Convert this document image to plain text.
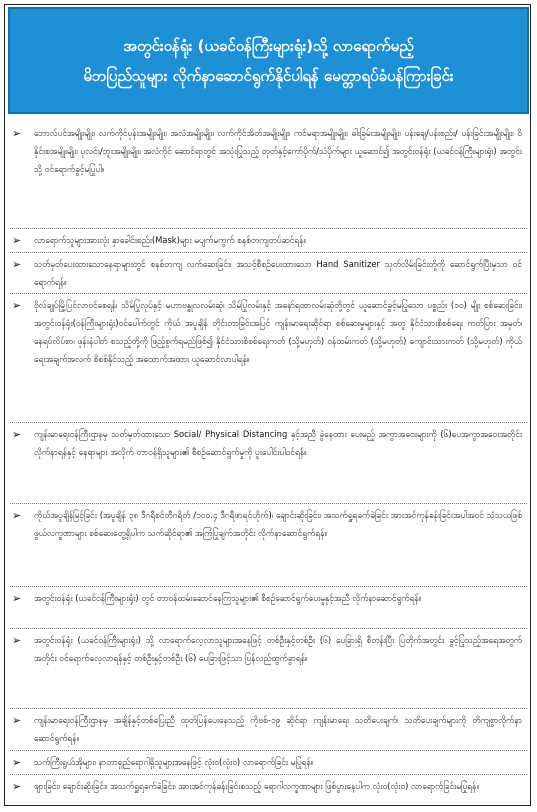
အတွင်းဝန်ရုံး (ယခင်ဝန်ကြီးများရုံး)သို့ လာရောက်မည့်
မိဘပြည်သူများ လိုက်နာဆောင်ရွက်နိုင်ပါရန် မေတ္တာရပ်ခံပန်ကြားခြင်း
➢	ဘောလ်ပင်အမျိုးမျိုး၊ လက်ကိုင်ပုန်းအမျိုးမျိုး၊ အလံအမျိုးမျိုး၊ လက်ကိုင်အိတ်အမျိုးမျိုး၊ ကင်မရာအမျိုးမျိုး၊ ဓါးခြမ်းအမျိုးမျိုး၊ ပန်းချေ/ပန်းစည်း/ ပန်းခြင်းအမျိုးမျိုး၊ ဝိနိုင်းစအမျိုးမျိုး၊ ပုလင်း/ဘူးအမျိုးမျိုး၊ အလံကိုင် ဆောင်ရာတွင် အသုံးပြုသည့် တုတ်နှင့်ကော်ပိုက်/သံပိုက်များ ယူဆောင်၍ အတွင်းဝန်ရုံး (ယခင်ဝန်ကြီးများရုံး) အတွင်းသို့ ဝင်ရောက်ခွင့်မပြုပါ။
➢	လာရောက်သူများအားလုံး နှာခေါင်းစည်း(Mask)များ မပျက်မကွက် စနစ်တကျတပ်ဆင်ရန်။
➢	သတ်မှတ်ပေးထားသောနေရာများတွင် စနစ်တကျ လက်ဆေးခြင်း၊ အသင့်စီစဉ်ပေးထားသော Hand Sanitizer သုတ်လိမ်းခြင်းတို့ကို ဆောင်ရွက်ပြီးမှသာ ဝင်ရောက်ရန်။
➢	ဗိုလ်ချုပ်မြို့ပြင်လာဝင်စေရန်၊ သိမ်ပြုလုပ်နှင့် မဟာဗန္ဓုလလမ်းဆုံ၊ သိမ်ပြုလမ်းနှင့် အနော်ရထာလမ်းဆုံတို့တွင် ယူဆောင်ခွင့်မပြုသော ပစ္စည်း (၁၀) မျိုး စစ်ဆေးခြင်း၊ အတွင်းဝန်ရုံး(ဝန်ကြီးများရုံး)ဝင်ပေါက်တွင် ကိုယ် အပူချိန် တိုင်းတာခြင်းအပြင် ကျန်းမာရေးဆိုင်ရာ စစ်ဆေးမှုများနှင့် အတူ နိုင်ငံသားစိစစ်ရေး ကတ်ပြား အမှတ်၊ နေရပ်လိပ်စာ၊ ဖုန်းနံပါတ် စသည့်တို့ကို ဖြည့်စွက်ရမည်ဖြစ်၍ နိုင်ငံသားစိစစ်ရေးကတ် (သို့မဟုတ်) ဝန်ထမ်းကတ် (သို့မဟုတ်) ကျောင်းသားကတ် (သို့မဟုတ်) ကိုယ်ရေးအချက်အလက် စိစစ်နိုင်သည့် အထောက်အထား ယူဆောင်လာပါရန်။
➢	ကျန်းမာရေးဝန်ကြီးဌာနမှ သတ်မှတ်ထားသော Social/ Physical Distancing နှင့်အညီ ခွဲနေထား ပေးမည့် အကွာအဝေးများကို (၆)ပေအကွာအဝေးအတိုင်း လိုက်နာရန်နှင့် နေရာများ အလိုက် တာဝန်ရှိသူများ၏ စီစဉ်ဆောင်ရွက်မှုကို ပူးပေါင်းပါဝင်ရန်။
➢	ကိုယ်အပူချိန်မြင့်ခြင်း (အပူချိန် ၃၈ ဒီဂရီစင်တီဂရိတ် /၁၀၀.၄ ဒီဂရီဖာရင်ဟိုက်)၊ ချောင်းဆိုးခြင်း၊ အသက်ရှူရခက်ခဲခြင်း အားအင်ကုန်ခန်းခြင်းအပါအဝင် သံသယဖြစ်ဖွယ်လက္ခဏာများ စစ်ဆေးတွေ့ရှိပါက သက်ဆိုင်ရာ၏ အကြံပြုချက်အတိုင်း လိုက်နာဆောင်ရွက်ရန်။
➢	အတွင်းဝန်ရုံး (ယခင်ဝန်ကြီးများရုံး) တွင် တာဝန်ထမ်းဆောင်နေကြသူများ၏ စီစဉ်ဆောင်ရွက်ပေးမှုနှင့်အညီ လိုက်နာဆောင်ရွက်ရန်။
➢	အတွင်းဝန်ရုံး (ယခင်ဝန်ကြီးများရုံး) သို့ လာရောက်လေ့လာသူများအနေဖြင့် တစ်ဦးနှင့်တစ်ဦး (၆) ပေခြားရှိ စီတန်းပြီး ပြတိုက်အတွင်း ခွင့်ပြုသည့်အရေအတွက်အတိုင်း ဝင်ရောက်လေ့လာရန်နှင့် တစ်ဦးနှင့်တစ်ဦး (၆) ပေခြားဖြင့်သာ ပြန်လည်ထွက်ခွာရန်။
➢	ကျန်းမာရေးဝန်ကြီးဌာနမှ အချိန်နှင့်တစ်ပြေးညီ ထုတ်ပြန်ပေးနေသည့် ကိုဗစ်-၁၉ ဆိုင်ရာ ကျန်းမာရေး သတိပေးချက်၊ သတိပေးချက်များကို တိကျစွာလိုက်နာဆောင်ရွက်ရန်။
➢	သက်ကြီးရွယ်အိုများ၊ နာတာရှည်ရောဂါရှိသူများအနေဖြင့် လုံးဝ(လုံးဝ) လာရောက်ခြင်း မပြုရန်။
➢	ဖျားခြင်း၊ ချောင်းဆိုးခြင်း၊ အသက်ရှူရခက်ခဲခြင်း၊ အားအင်ကုန်ခန်းခြင်းစသည့် ရောဂါလက္ခဏာများ ဖြစ်ပွားနေပါက လုံးဝ(လုံးဝ) လာရောက်ခြင်းမပြုရန်။
